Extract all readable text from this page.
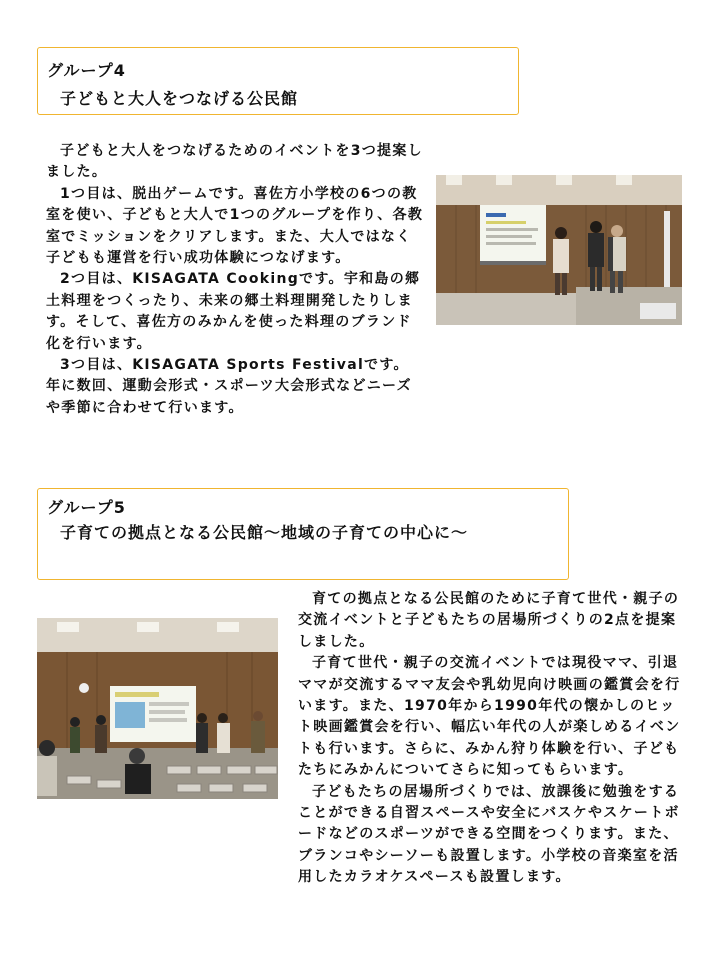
グループ4
子どもと大人をつなげる公民館

子どもと大人をつなげるためのイベントを3つ提案しました。

1つ目は、脱出ゲームです。喜佐方小学校の6つの教室を使い、子どもと大人で1つのグループを作り、各教室でミッションをクリアします。また、大人ではなく子どもも運営を行い成功体験につなげます。

2つ目は、KISAGATA Cookingです。宇和島の郷土料理をつくったり、未来の郷土料理開発したりします。そして、喜佐方のみかんを使った料理のブランド化を行います。

3つ目は、KISAGATA Sports Festivalです。年に数回、運動会形式・スポーツ大会形式などニーズや季節に合わせて行います。

グループ5
子育ての拠点となる公民館～地域の子育ての中心に～

育ての拠点となる公民館のために子育て世代・親子の交流イベントと子どもたちの居場所づくりの2点を提案しました。

子育て世代・親子の交流イベントでは現役ママ、引退ママが交流するママ友会や乳幼児向け映画の鑑賞会を行います。また、1970年から1990年代の懐かしのヒット映画鑑賞会を行い、幅広い年代の人が楽しめるイベントも行います。さらに、みかん狩り体験を行い、子どもたちにみかんについてさらに知ってもらいます。

子どもたちの居場所づくりでは、放課後に勉強をすることができる自習スペースや安全にバスケやスケートボードなどのスポーツができる空間をつくります。また、ブランコやシーソーも設置します。小学校の音楽室を活用したカラオケスペースも設置します。
